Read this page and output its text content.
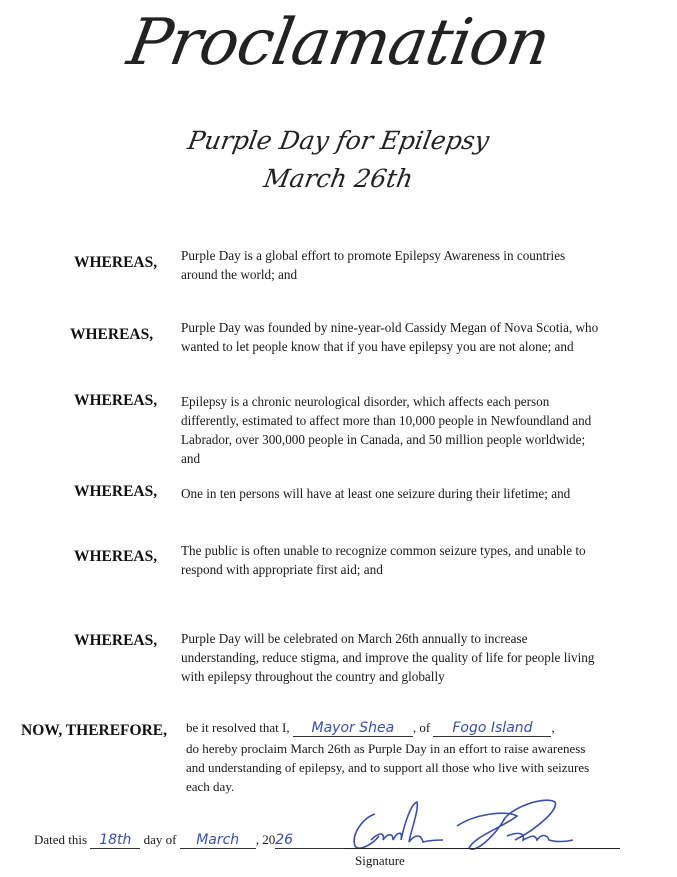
Proclamation
Purple Day for Epilepsy
March 26th
WHEREAS, Purple Day is a global effort to promote Epilepsy Awareness in countries around the world; and
WHEREAS, Purple Day was founded by nine-year-old Cassidy Megan of Nova Scotia, who wanted to let people know that if you have epilepsy you are not alone; and
WHEREAS, Epilepsy is a chronic neurological disorder, which affects each person differently, estimated to affect more than 10,000 people in Newfoundland and Labrador, over 300,000 people in Canada, and 50 million people worldwide; and
WHEREAS, One in ten persons will have at least one seizure during their lifetime; and
WHEREAS, The public is often unable to recognize common seizure types, and unable to respond with appropriate first aid; and
WHEREAS, Purple Day will be celebrated on March 26th annually to increase understanding, reduce stigma, and improve the quality of life for people living with epilepsy throughout the country and globally
NOW, THEREFORE, be it resolved that I, Mayor Shea , of Fogo Island ,
do hereby proclaim March 26th as Purple Day in an effort to raise awareness and understanding of epilepsy, and to support all those who live with seizures each day.
Dated this 18th day of March , 2026
Signature
